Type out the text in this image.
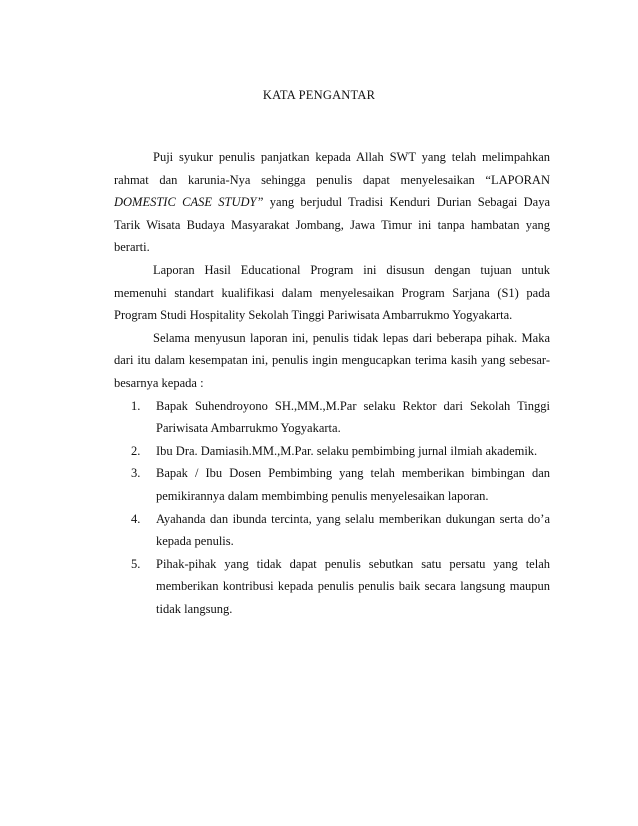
KATA PENGANTAR

Puji syukur penulis panjatkan kepada Allah SWT yang telah melimpahkan rahmat dan karunia-Nya sehingga penulis dapat menyelesaikan “LAPORAN DOMESTIC CASE STUDY” yang berjudul Tradisi Kenduri Durian Sebagai Daya Tarik Wisata Budaya Masyarakat Jombang, Jawa Timur ini tanpa hambatan yang berarti.

Laporan Hasil Educational Program ini disusun dengan tujuan untuk memenuhi standart kualifikasi dalam menyelesaikan Program Sarjana (S1) pada Program Studi Hospitality Sekolah Tinggi Pariwisata Ambarrukmo Yogyakarta.

Selama menyusun laporan ini, penulis tidak lepas dari beberapa pihak. Maka dari itu dalam kesempatan ini, penulis ingin mengucapkan terima kasih yang sebesar-besarnya kepada :

1. Bapak Suhendroyono SH.,MM.,M.Par selaku Rektor dari Sekolah Tinggi Pariwisata Ambarrukmo Yogyakarta.
2. Ibu Dra. Damiasih.MM.,M.Par. selaku pembimbing jurnal ilmiah akademik.
3. Bapak / Ibu Dosen Pembimbing yang telah memberikan bimbingan dan pemikirannya dalam membimbing penulis menyelesaikan laporan.
4. Ayahanda dan ibunda tercinta, yang selalu memberikan dukungan serta do’a kepada penulis.
5. Pihak-pihak yang tidak dapat penulis sebutkan satu persatu yang telah memberikan kontribusi kepada penulis penulis baik secara langsung maupun tidak langsung.
